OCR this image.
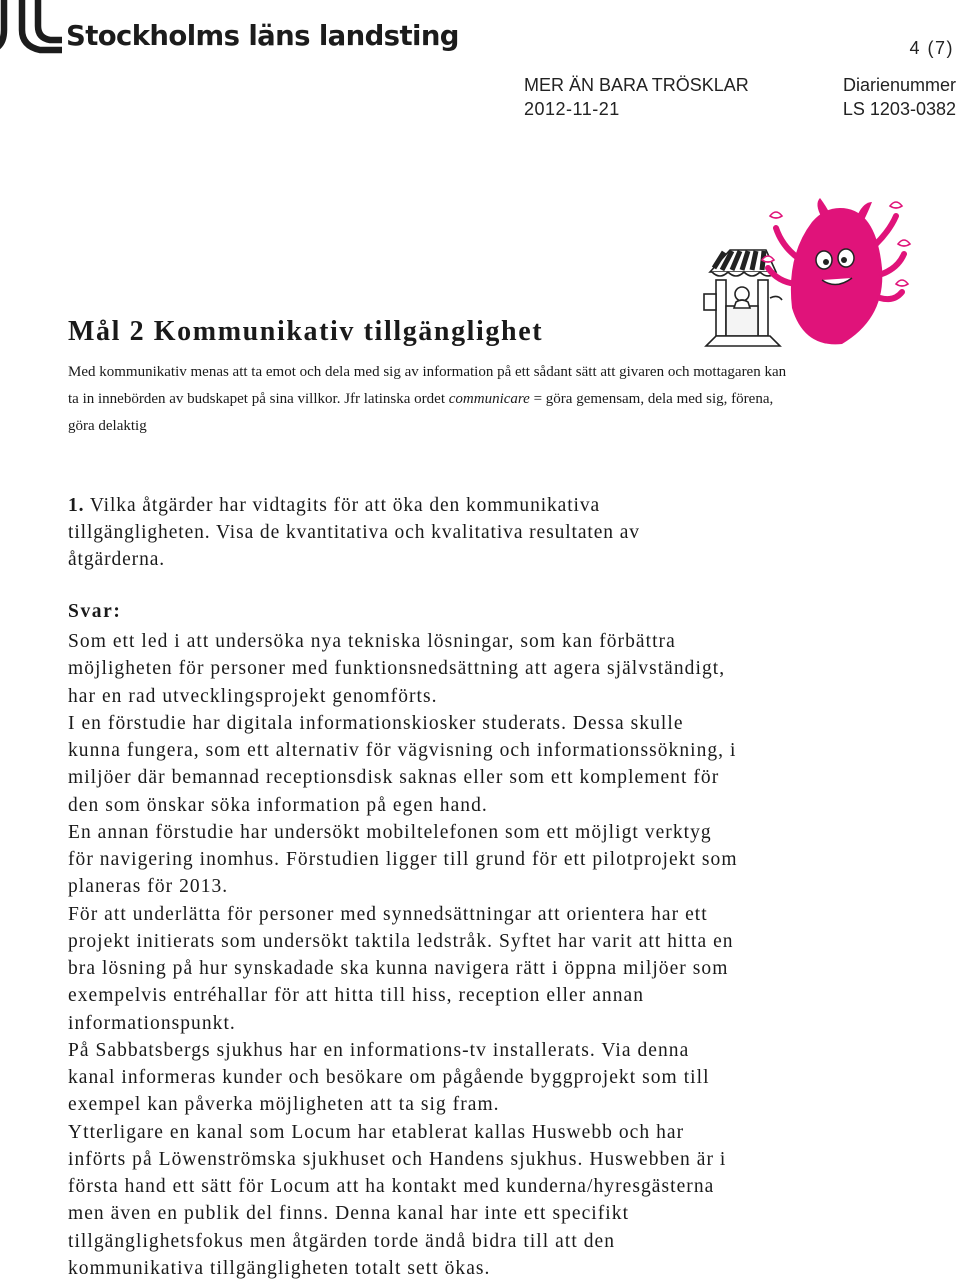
Stockholms läns landsting	4 (7)
MER ÄN BARA TRÖSKLAR
2012-11-21
Diarienummer
LS 1203-0382
Mål 2 Kommunikativ tillgänglighet

Med kommunikativ menas att ta emot och dela med sig av information på ett sådant sätt att givaren och mottagaren kan ta in innebörden av budskapet på sina villkor. Jfr latinska ordet communicare = göra gemensam, dela med sig, förena, göra delaktig

1. Vilka åtgärder har vidtagits för att öka den kommunikativa tillgängligheten. Visa de kvantitativa och kvalitativa resultaten av åtgärderna.

Svar:
Som ett led i att undersöka nya tekniska lösningar, som kan förbättra
möjligheten för personer med funktionsnedsättning att agera självständigt,
har en rad utvecklingsprojekt genomförts.
I en förstudie har digitala informationskiosker studerats. Dessa skulle
kunna fungera, som ett alternativ för vägvisning och informationssökning, i
miljöer där bemannad receptionsdisk saknas eller som ett komplement för
den som önskar söka information på egen hand.
En annan förstudie har undersökt mobiltelefonen som ett möjligt verktyg
för navigering inomhus. Förstudien ligger till grund för ett pilotprojekt som
planeras för 2013.
För att underlätta för personer med synnedsättningar att orientera har ett
projekt initierats som undersökt taktila ledstråk. Syftet har varit att hitta en
bra lösning på hur synskadade ska kunna navigera rätt i öppna miljöer som
exempelvis entréhallar för att hitta till hiss, reception eller annan
informationspunkt.
På Sabbatsbergs sjukhus har en informations-tv installerats. Via denna
kanal informeras kunder och besökare om pågående byggprojekt som till
exempel kan påverka möjligheten att ta sig fram.
Ytterligare en kanal som Locum har etablerat kallas Huswebb och har
införts på Löwenströmska sjukhuset och Handens sjukhus. Huswebben är i
första hand ett sätt för Locum att ha kontakt med kunderna/hyresgästerna
men även en publik del finns. Denna kanal har inte ett specifikt
tillgänglighetsfokus men åtgärden torde ändå bidra till att den
kommunikativa tillgängligheten totalt sett ökas.
